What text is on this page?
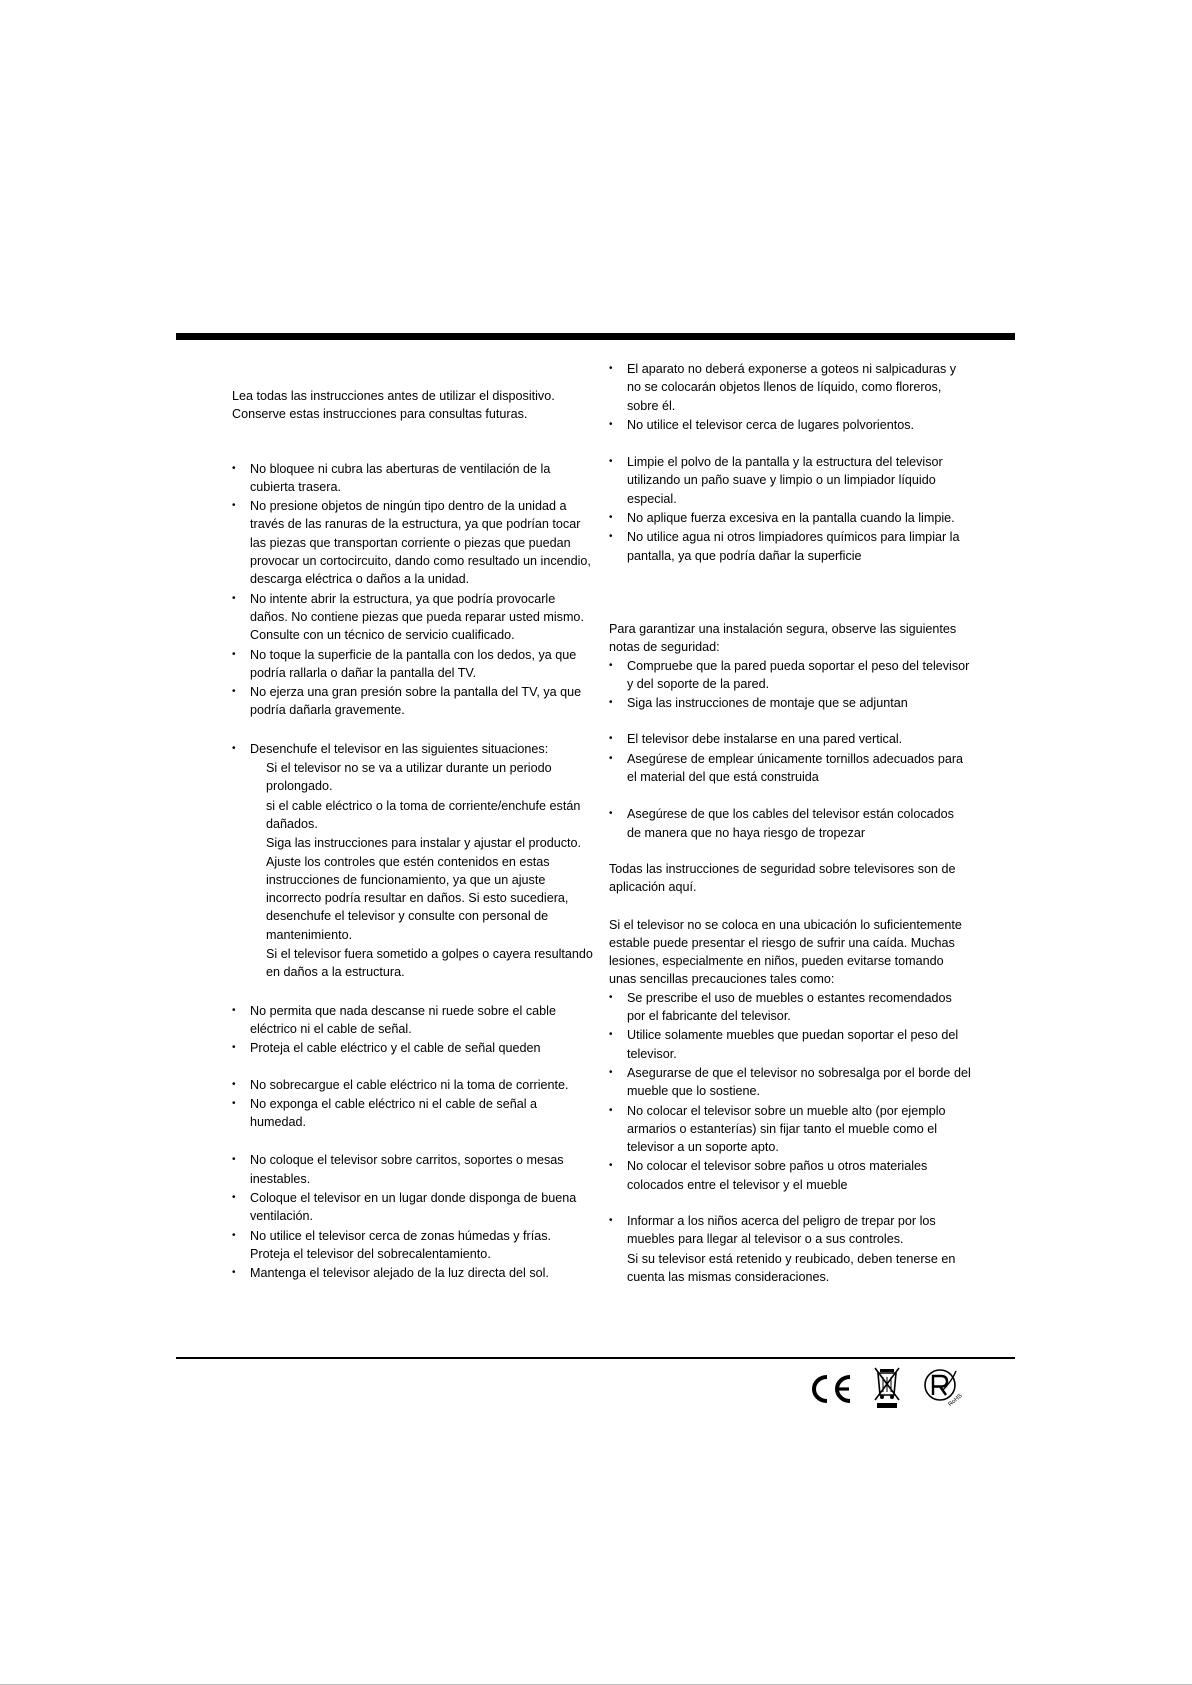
Lea todas las instrucciones antes de utilizar el dispositivo.

Conserve estas instrucciones para consultas futuras.

• No bloquee ni cubra las aberturas de ventilación de la cubierta trasera.
• No presione objetos de ningún tipo dentro de la unidad a través de las ranuras de la estructura, ya que podrían tocar las piezas que transportan corriente o piezas que puedan provocar un cortocircuito, dando como resultado un incendio, descarga eléctrica o daños a la unidad.
• No intente abrir la estructura, ya que podría provocarle daños. No contiene piezas que pueda reparar usted mismo. Consulte con un técnico de servicio cualificado.
• No toque la superficie de la pantalla con los dedos, ya que podría rallarla o dañar la pantalla del TV.
• No ejerza una gran presión sobre la pantalla del TV, ya que podría dañarla gravemente.
• Desenchufe el televisor en las siguientes situaciones:
Si el televisor no se va a utilizar durante un periodo prolongado.
si el cable eléctrico o la toma de corriente/enchufe están dañados.
Siga las instrucciones para instalar y ajustar el producto. Ajuste los controles que estén contenidos en estas instrucciones de funcionamiento, ya que un ajuste incorrecto podría resultar en daños. Si esto sucediera, desenchufe el televisor y consulte con personal de mantenimiento.
Si el televisor fuera sometido a golpes o cayera resultando en daños a la estructura.
• No permita que nada descanse ni ruede sobre el cable eléctrico ni el cable de señal.
• Proteja el cable eléctrico y el cable de señal queden
• No sobrecargue el cable eléctrico ni la toma de corriente.
• No exponga el cable eléctrico ni el cable de señal a humedad.
• No coloque el televisor sobre carritos, soportes o mesas inestables.
• Coloque el televisor en un lugar donde disponga de buena ventilación.
• No utilice el televisor cerca de zonas húmedas y frías. Proteja el televisor del sobrecalentamiento.
• Mantenga el televisor alejado de la luz directa del sol.
• El aparato no deberá exponerse a goteos ni salpicaduras y no se colocarán objetos llenos de líquido, como floreros, sobre él.
• No utilice el televisor cerca de lugares polvorientos.
• Limpie el polvo de la pantalla y la estructura del televisor utilizando un paño suave y limpio o un limpiador líquido especial.
• No aplique fuerza excesiva en la pantalla cuando la limpie.
• No utilice agua ni otros limpiadores químicos para limpiar la pantalla, ya que podría dañar la superficie

Para garantizar una instalación segura, observe las siguientes notas de seguridad:

• Compruebe que la pared pueda soportar el peso del televisor y del soporte de la pared.
• Siga las instrucciones de montaje que se adjuntan
• El televisor debe instalarse en una pared vertical.
• Asegúrese de emplear únicamente tornillos adecuados para el material del que está construida
• Asegúrese de que los cables del televisor están colocados de manera que no haya riesgo de tropezar

Todas las instrucciones de seguridad sobre televisores son de aplicación aquí.

Si el televisor no se coloca en una ubicación lo suficientemente estable puede presentar el riesgo de sufrir una caída. Muchas lesiones, especialmente en niños, pueden evitarse tomando unas sencillas precauciones tales como:

• Se prescribe el uso de muebles o estantes recomendados por el fabricante del televisor.
• Utilice solamente muebles que puedan soportar el peso del televisor.
• Asegurarse de que el televisor no sobresalga por el borde del mueble que lo sostiene.
• No colocar el televisor sobre un mueble alto (por ejemplo armarios o estanterías) sin fijar tanto el mueble como el televisor a un soporte apto.
• No colocar el televisor sobre paños u otros materiales colocados entre el televisor y el mueble
• Informar a los niños acerca del peligro de trepar por los muebles para llegar al televisor o a sus controles.
Si su televisor está retenido y reubicado, deben tenerse en cuenta las mismas consideraciones.
RoHS
